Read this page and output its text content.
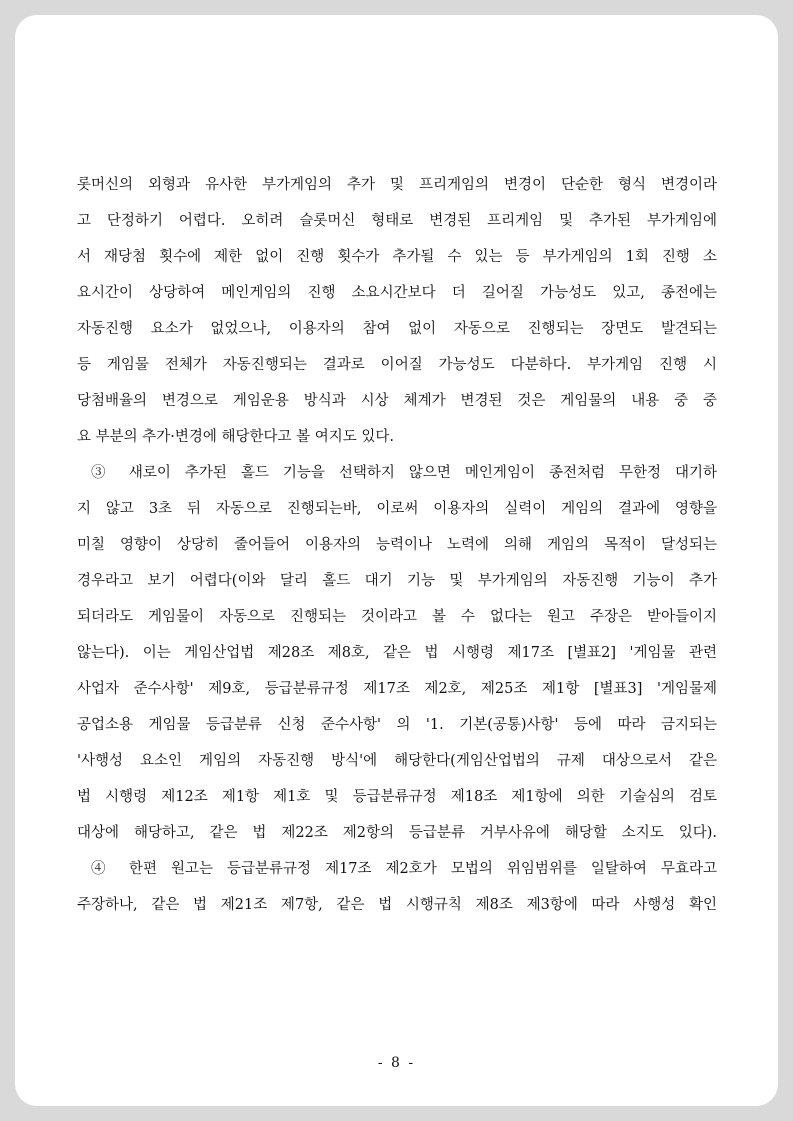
롯머신의 외형과 유사한 부가게임의 추가 및 프리게임의 변경이 단순한 형식 변경이라
고 단정하기 어렵다. 오히려 슬롯머신 형태로 변경된 프리게임 및 추가된 부가게임에
서 재당첨 횟수에 제한 없이 진행 횟수가 추가될 수 있는 등 부가게임의 1회 진행 소
요시간이 상당하여 메인게임의 진행 소요시간보다 더 길어질 가능성도 있고, 종전에는
자동진행 요소가 없었으나, 이용자의 참여 없이 자동으로 진행되는 장면도 발견되는
등 게임물 전체가 자동진행되는 결과로 이어질 가능성도 다분하다. 부가게임 진행 시
당첨배율의 변경으로 게임운용 방식과 시상 체계가 변경된 것은 게임물의 내용 중 중
요 부분의 추가·변경에 해당한다고 볼 여지도 있다.
③ 새로이 추가된 홀드 기능을 선택하지 않으면 메인게임이 종전처럼 무한정 대기하
지 않고 3초 뒤 자동으로 진행되는바, 이로써 이용자의 실력이 게임의 결과에 영향을
미칠 영향이 상당히 줄어들어 이용자의 능력이나 노력에 의해 게임의 목적이 달성되는
경우라고 보기 어렵다(이와 달리 홀드 대기 기능 및 부가게임의 자동진행 기능이 추가
되더라도 게임물이 자동으로 진행되는 것이라고 볼 수 없다는 원고 주장은 받아들이지
않는다). 이는 게임산업법 제28조 제8호, 같은 법 시행령 제17조 [별표2] '게임물 관련
사업자 준수사항' 제9호, 등급분류규정 제17조 제2호, 제25조 제1항 [별표3] '게임물제
공업소용 게임물 등급분류 신청 준수사항' 의 '1. 기본(공통)사항' 등에 따라 금지되는
'사행성 요소인 게임의 자동진행 방식'에 해당한다(게임산업법의 규제 대상으로서 같은
법 시행령 제12조 제1항 제1호 및 등급분류규정 제18조 제1항에 의한 기술심의 검토
대상에 해당하고, 같은 법 제22조 제2항의 등급분류 거부사유에 해당할 소지도 있다).
④ 한편 원고는 등급분류규정 제17조 제2호가 모법의 위임범위를 일탈하여 무효라고
주장하나, 같은 법 제21조 제7항, 같은 법 시행규칙 제8조 제3항에 따라 사행성 확인
- 8 -
